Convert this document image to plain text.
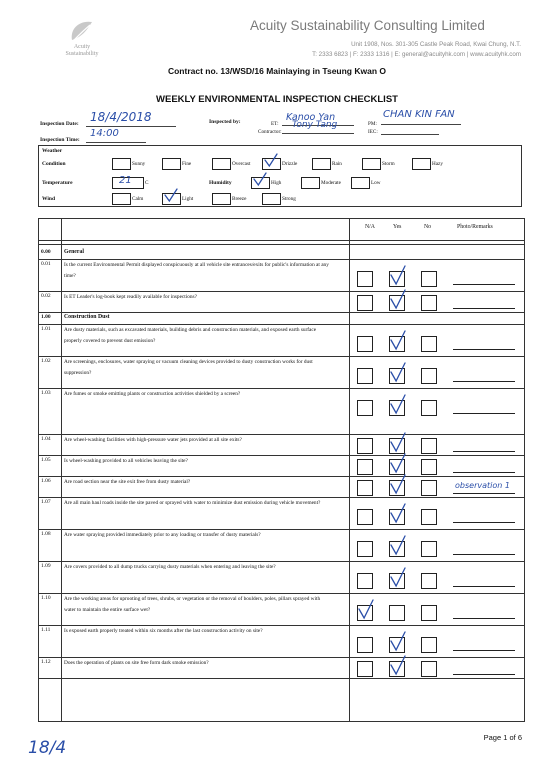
Acuity
Sustainability
Acuity Sustainability Consulting Limited
Unit 1908, Nos. 301-305 Castle Peak Road, Kwai Chung, N.T.
T: 2333 6823 | F: 2333 1316 | E: general@acuityhk.com | www.acuityhk.com
Contract no. 13/WSD/16 Mainlaying in Tseung Kwan O
WEEKLY ENVIRONMENTAL INSPECTION CHECKLIST
Inspection Date: 18/4/2018
Inspection Time:
14:00
Inspected by:	ET:
Kanoo Yan
Contractor:
Tony Tang	PM:
CHAN KIN FAN
IEC:
Weather
Condition
Temperature
Wind
21	C	Humidity
Sunny	Fine	Overcast	Drizzle	Rain	Storm	Hazy
High	Moderate	Low
Calm	Light	Breeze	Strong
N/A	Yes	No	Photo/Remarks
0.00 General
0.01	Is the current Environmental Permit displayed conspicuously at all vehicle site entrances/exits for public's information at any time?
0.02	Is ET Leader's log-book kept readily available for inspections?
1.00 Construction Dust
1.01	Are dusty materials, such as excavated materials, building debris and construction materials, and exposed earth surface properly covered to prevent dust emission?
1.02	Are screenings, enclosures, water spraying or vacuum cleaning devices provided to dusty construction works for dust suppression?
1.03	Are fumes or smoke emitting plants or construction activities shielded by a screen?
1.04	Are wheel-washing facilities with high-pressure water jets provided at all site exits?
1.05	Is wheel-washing provided to all vehicles leaving the site?
1.06	Are road section near the site exit free from dusty material?	observation 1
1.07	Are all main haul roads inside the site paved or sprayed with water to minimize dust emission during vehicle movement?
1.08	Are water spraying provided immediately prior to any loading or transfer of dusty materials?
1.09	Are covers provided to all dump trucks carrying dusty materials when entering and leaving the site?
1.10	Are the working areas for uprooting of trees, shrubs, or vegetation or the removal of boulders, poles, pillars sprayed with water to maintain the entire surface wet?
1.11	Is exposed earth properly treated within six months after the last construction activity on site?
1.12	Does the operation of plants on site free form dark smoke emission?
Page 1 of 6
18/4
